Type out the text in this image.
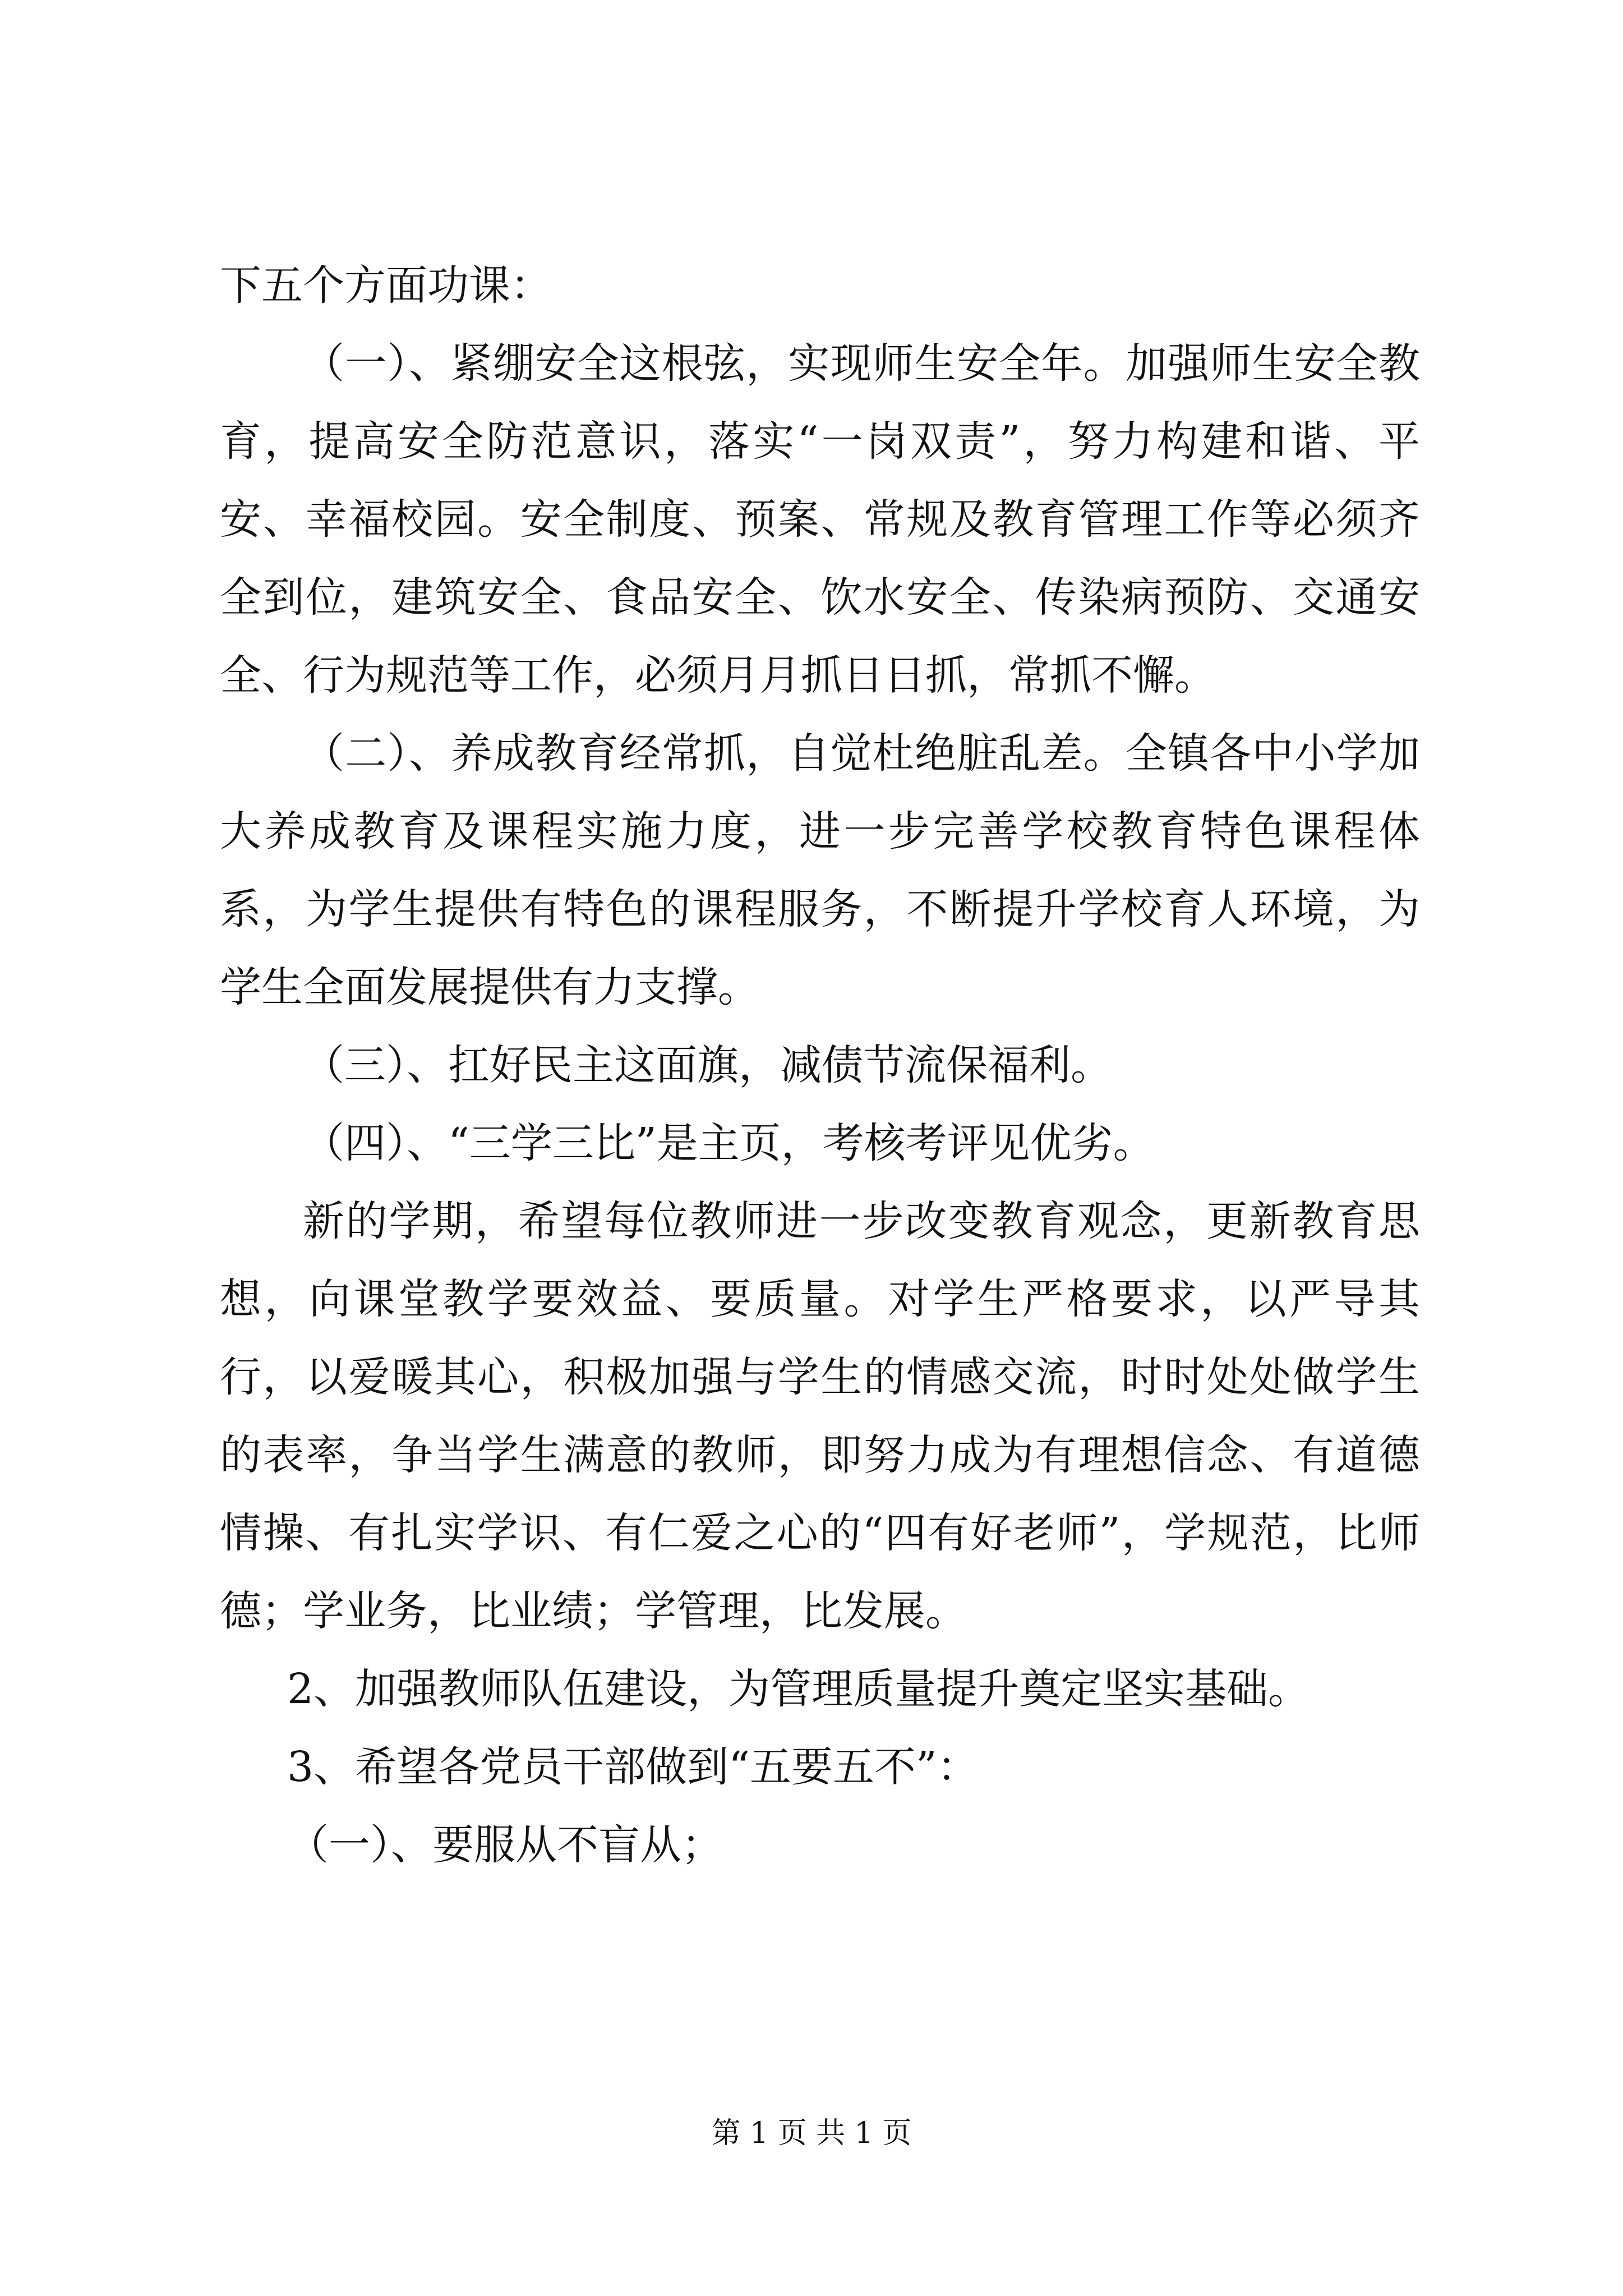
下五个方面功课：

（一）、紧绷安全这根弦，实现师生安全年。加强师生安全教育，提高安全防范意识，落实“一岗双责”，努力构建和谐、平安、幸福校园。安全制度、预案、常规及教育管理工作等必须齐全到位，建筑安全、食品安全、饮水安全、传染病预防、交通安全、行为规范等工作，必须月月抓日日抓，常抓不懈。

（二）、养成教育经常抓，自觉杜绝脏乱差。全镇各中小学加大养成教育及课程实施力度，进一步完善学校教育特色课程体系，为学生提供有特色的课程服务，不断提升学校育人环境，为学生全面发展提供有力支撑。

（三）、扛好民主这面旗，减债节流保福利。

（四）、“三学三比”是主页，考核考评见优劣。

新的学期，希望每位教师进一步改变教育观念，更新教育思想，向课堂教学要效益、要质量。对学生严格要求，以严导其行，以爱暖其心，积极加强与学生的情感交流，时时处处做学生的表率，争当学生满意的教师，即努力成为有理想信念、有道德情操、有扎实学识、有仁爱之心的“四有好老师”，学规范，比师德；学业务，比业绩；学管理，比发展。

2、加强教师队伍建设，为管理质量提升奠定坚实基础。

3、希望各党员干部做到“五要五不”：

（一）、要服从不盲从；

第 1 页 共 1 页
